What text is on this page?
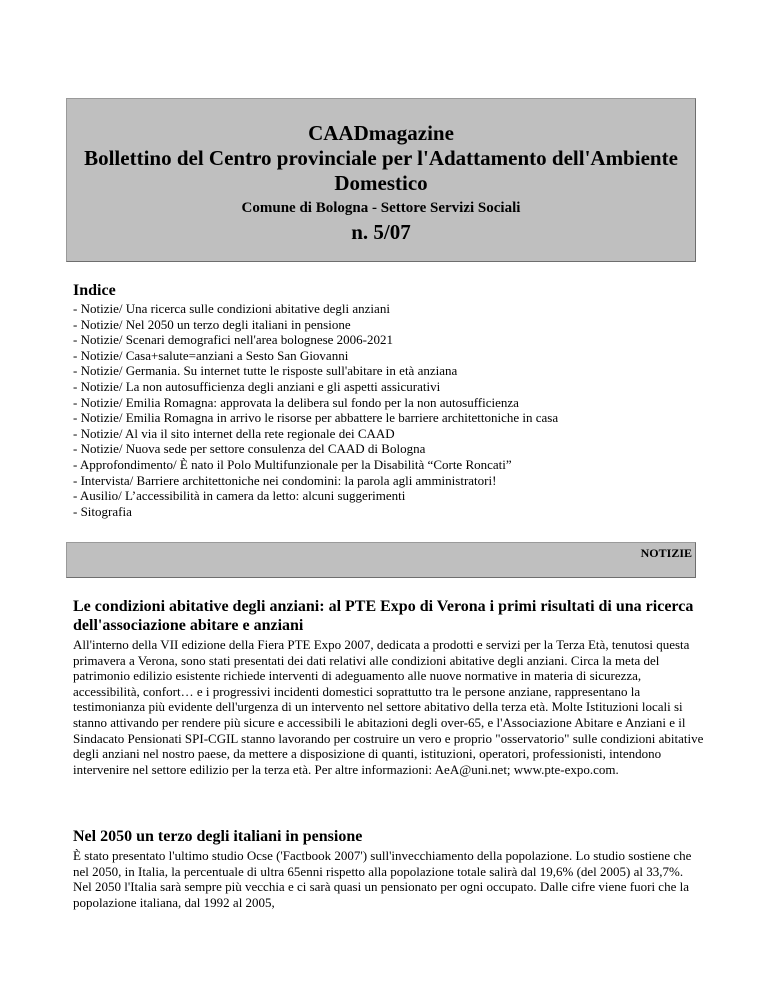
CAADmagazine
Bollettino del Centro provinciale per l'Adattamento dell'Ambiente Domestico
Comune di Bologna - Settore Servizi Sociali
n. 5/07
Indice
- Notizie/ Una ricerca sulle condizioni abitative degli anziani
- Notizie/ Nel 2050 un terzo degli italiani in pensione
- Notizie/ Scenari demografici nell'area bolognese 2006-2021
- Notizie/ Casa+salute=anziani a Sesto San Giovanni
- Notizie/ Germania. Su internet tutte le risposte sull'abitare in età anziana
- Notizie/ La non autosufficienza degli anziani e gli aspetti assicurativi
- Notizie/ Emilia Romagna: approvata la delibera sul fondo per la non autosufficienza
- Notizie/ Emilia Romagna in arrivo le risorse per abbattere le barriere architettoniche in casa
- Notizie/ Al via il sito internet della rete regionale dei CAAD
- Notizie/ Nuova sede per settore consulenza del CAAD di Bologna
- Approfondimento/ È nato il Polo Multifunzionale per la Disabilità “Corte Roncati”
- Intervista/ Barriere architettoniche nei condomini: la parola agli amministratori!
- Ausilio/ L’accessibilità in camera da letto: alcuni suggerimenti
- Sitografia
NOTIZIE
Le condizioni abitative degli anziani: al PTE Expo di Verona i primi risultati di una ricerca dell'associazione abitare e anziani

All'interno della VII edizione della Fiera PTE Expo 2007, dedicata a prodotti e servizi per la Terza Età, tenutosi questa primavera a Verona, sono stati presentati dei dati relativi alle condizioni abitative degli anziani. Circa la meta del patrimonio edilizio esistente richiede interventi di adeguamento alle nuove normative in materia di sicurezza, accessibilità, confort… e i progressivi incidenti domestici soprattutto tra le persone anziane, rappresentano la testimonianza più evidente dell'urgenza di un intervento nel settore abitativo della terza età. Molte Istituzioni locali si stanno attivando per rendere più sicure e accessibili le abitazioni degli over-65, e l'Associazione Abitare e Anziani e il Sindacato Pensionati SPI-CGIL stanno lavorando per costruire un vero e proprio "osservatorio" sulle condizioni abitative degli anziani nel nostro paese, da mettere a disposizione di quanti, istituzioni, operatori, professionisti, intendono intervenire nel settore edilizio per la terza età. Per altre informazioni: AeA@uni.net; www.pte-expo.com.

Nel 2050 un terzo degli italiani in pensione

È stato presentato l'ultimo studio Ocse ('Factbook 2007') sull'invecchiamento della popolazione. Lo studio sostiene che nel 2050, in Italia, la percentuale di ultra 65enni rispetto alla popolazione totale salirà dal 19,6% (del 2005) al 33,7%. Nel 2050 l'Italia sarà sempre più vecchia e ci sarà quasi un pensionato per ogni occupato. Dalle cifre viene fuori che la popolazione italiana, dal 1992 al 2005,
